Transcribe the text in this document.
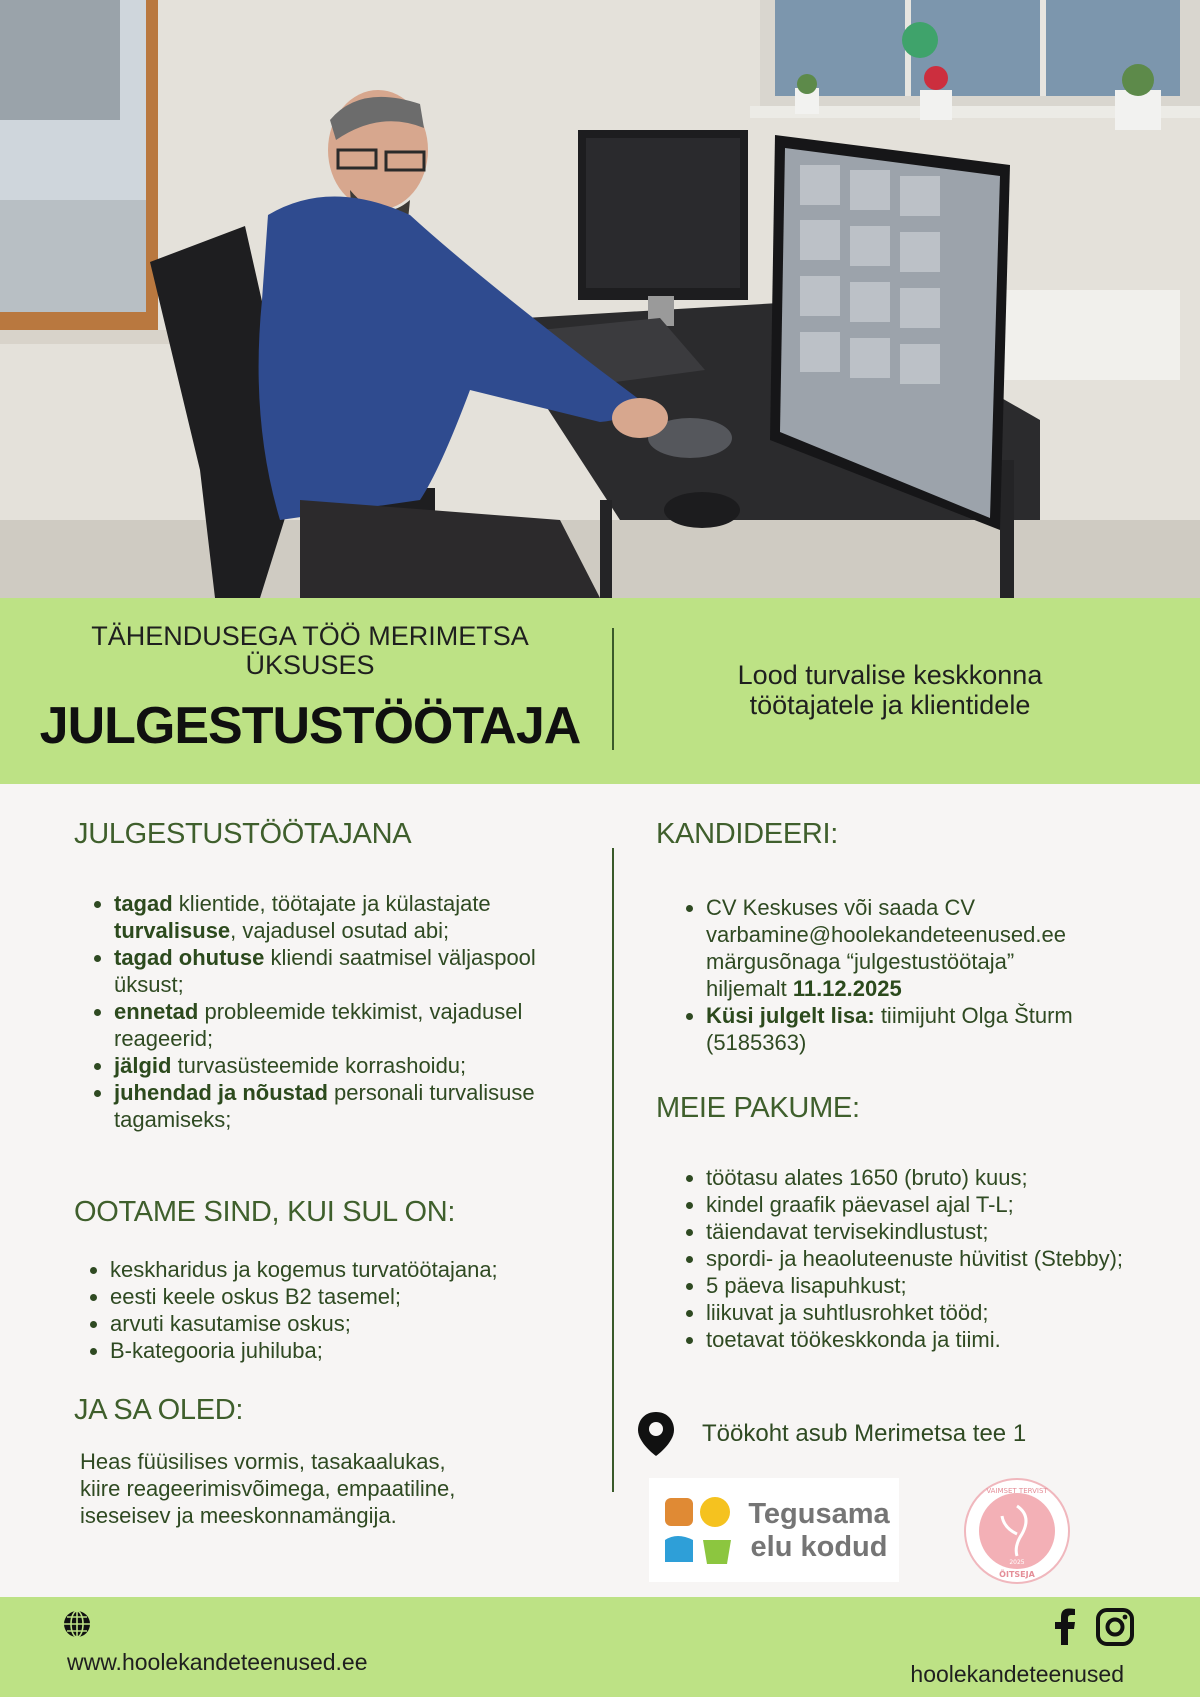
TÄHENDUSEGA TÖÖ MERIMETSA
ÜKSUSES
JULGESTUSTÖÖTAJA
Lood turvalise keskkonna
töötajatele ja klientidele
JULGESTUSTÖÖTAJANA
• tagad klientide, töötajate ja külastajate turvalisuse, vajadusel osutad abi;
• tagad ohutuse kliendi saatmisel väljaspool üksust;
• ennetad probleemide tekkimist, vajadusel reageerid;
• jälgid turvasüsteemide korrashoidu;
• juhendad ja nõustad personali turvalisuse tagamiseks;
OOTAME SIND, KUI SUL ON:
• keskharidus ja kogemus turvatöötajana;
• eesti keele oskus B2 tasemel;
• arvuti kasutamise oskus;
• B-kategooria juhiluba;
JA SA OLED:
Heas füüsilises vormis, tasakaalukas,
kiire reageerimisvõimega, empaatiline,
iseseisev ja meeskonnamängija.
KANDIDEERI:
• CV Keskuses või saada CV
varbamine@hoolekandeteenused.ee
märgusõnaga “julgestustöötaja”
hiljemalt 11.12.2025
• Küsi julgelt lisa: tiimijuht Olga Šturm (5185363)
MEIE PAKUME:
• töötasu alates 1650 (bruto) kuus;
• kindel graafik päevasel ajal T-L;
• täiendavat tervisekindlustust;
• spordi- ja heaoluteenuste hüvitist (Stebby);
• 5 päeva lisapuhkust;
• liikuvat ja suhtlusrohket tööd;
• toetavat töökeskkonda ja tiimi.
Töökoht asub Merimetsa tee 1
Tegusama
elu kodud
VAIMSET TERVIST
2025
ÕITSEJA
www.hoolekandeteenused.ee	hoolekandeteenused
